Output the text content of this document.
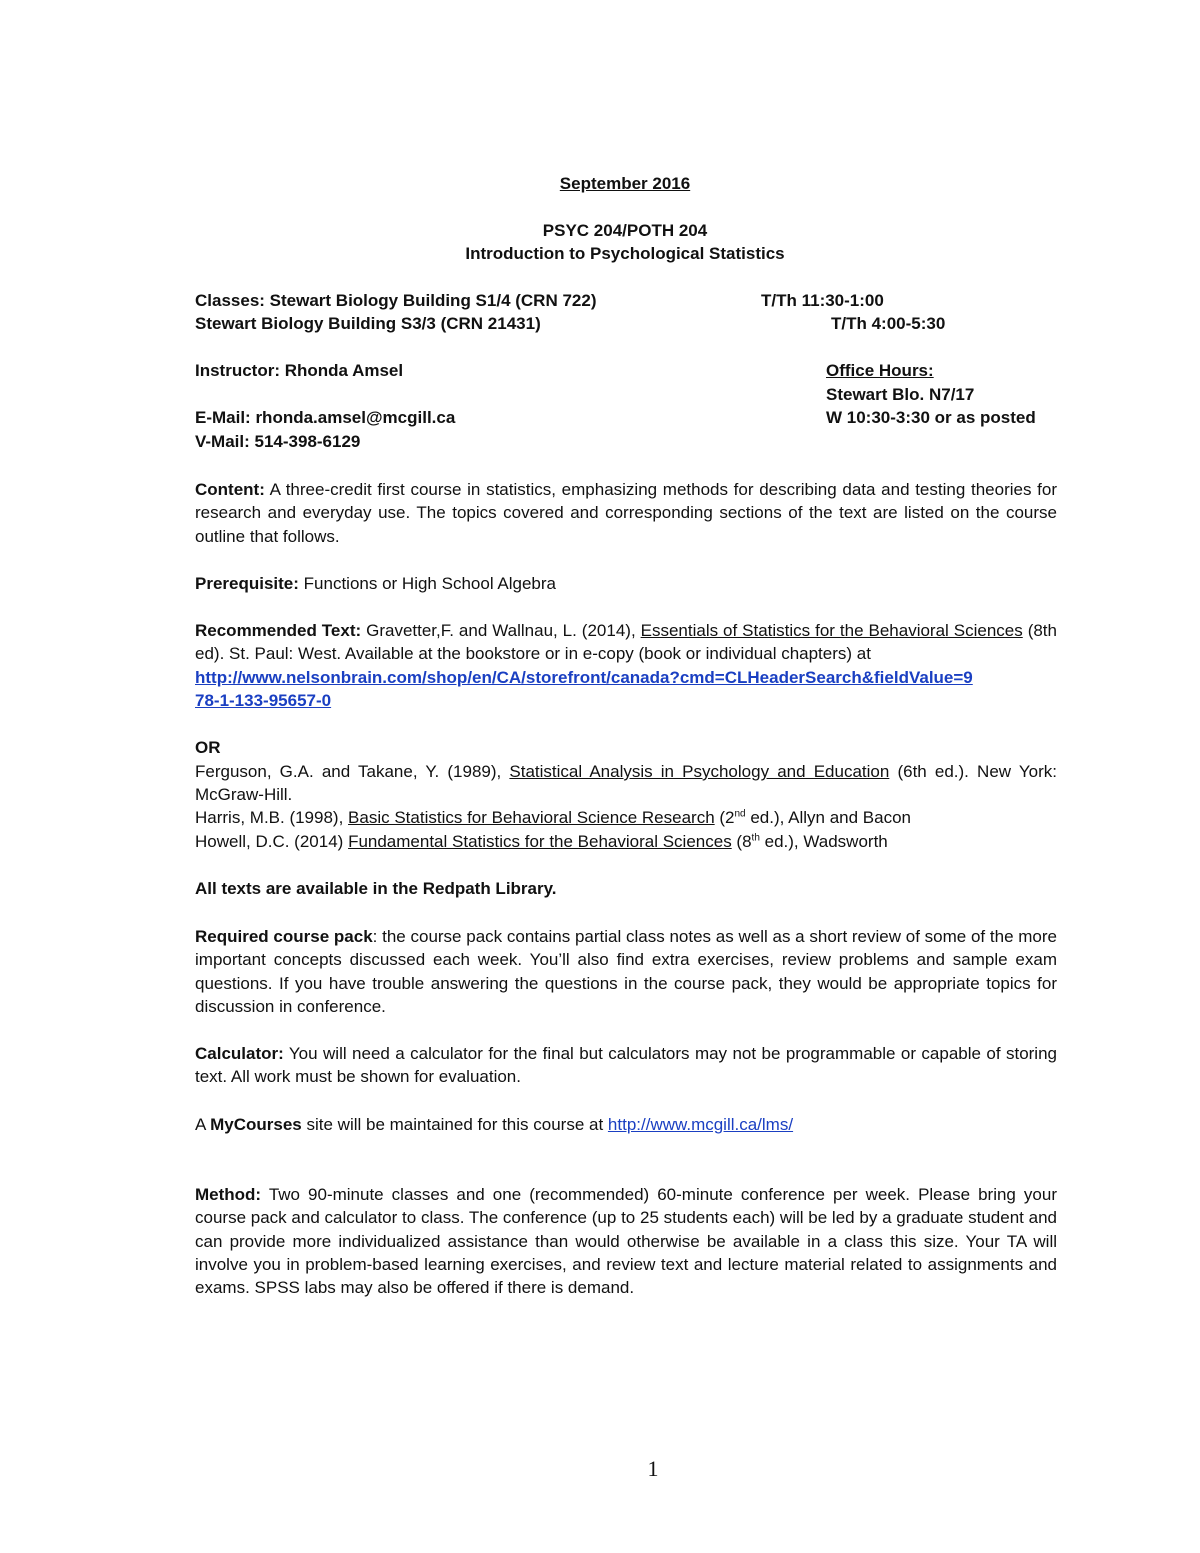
September 2016
PSYC 204/POTH 204
Introduction to Psychological Statistics
Classes: Stewart Biology Building S1/4 (CRN 722)	T/Th 11:30-1:00
Stewart Biology Building S3/3 (CRN 21431)	T/Th 4:00-5:30
Instructor: Rhonda Amsel	Office Hours:
Stewart Blo. N7/17
E-Mail: rhonda.amsel@mcgill.ca	W 10:30-3:30 or as posted
V-Mail: 514-398-6129
Content: A three-credit first course in statistics, emphasizing methods for describing data and testing theories for research and everyday use. The topics covered and corresponding sections of the text are listed on the course outline that follows.
Prerequisite: Functions or High School Algebra
Recommended Text: Gravetter,F. and Wallnau, L. (2014), Essentials of Statistics for the Behavioral Sciences (8th ed). St. Paul: West. Available at the bookstore or in e-copy (book or individual chapters) at
http://www.nelsonbrain.com/shop/en/CA/storefront/canada?cmd=CLHeaderSearch&fieldValue=9
78-1-133-95657-0
OR
Ferguson, G.A. and Takane, Y. (1989), Statistical Analysis in Psychology and Education (6th ed.). New York: McGraw-Hill.
Harris, M.B. (1998), Basic Statistics for Behavioral Science Research (2nd ed.), Allyn and Bacon
Howell, D.C. (2014) Fundamental Statistics for the Behavioral Sciences (8th ed.), Wadsworth
All texts are available in the Redpath Library.
Required course pack: the course pack contains partial class notes as well as a short review of some of the more important concepts discussed each week. You’ll also find extra exercises, review problems and sample exam questions. If you have trouble answering the questions in the course pack, they would be appropriate topics for discussion in conference.
Calculator: You will need a calculator for the final but calculators may not be programmable or capable of storing text. All work must be shown for evaluation.
A MyCourses site will be maintained for this course at http://www.mcgill.ca/lms/
Method: Two 90-minute classes and one (recommended) 60-minute conference per week. Please bring your course pack and calculator to class. The conference (up to 25 students each) will be led by a graduate student and can provide more individualized assistance than would otherwise be available in a class this size. Your TA will involve you in problem-based learning exercises, and review text and lecture material related to assignments and exams. SPSS labs may also be offered if there is demand.
1
